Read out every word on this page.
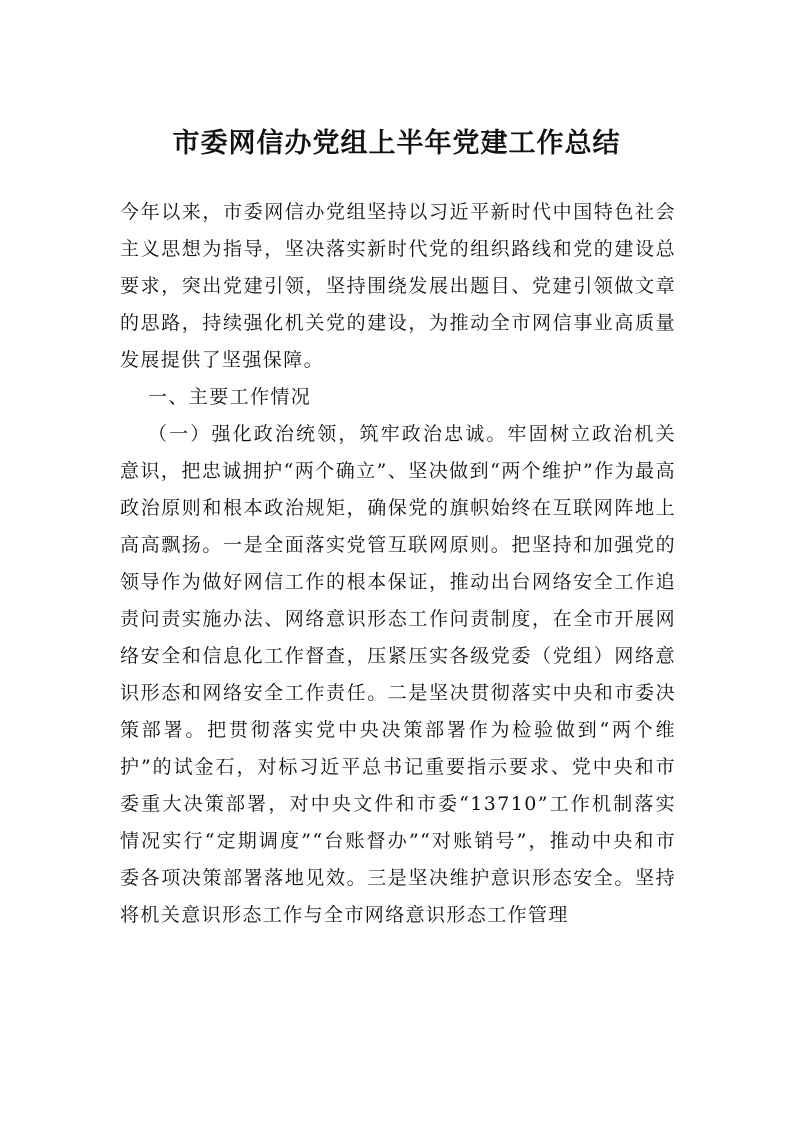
市委网信办党组上半年党建工作总结

今年以来，市委网信办党组坚持以习近平新时代中国特色社会主义思想为指导，坚决落实新时代党的组织路线和党的建设总要求，突出党建引领，坚持围绕发展出题目、党建引领做文章的思路，持续强化机关党的建设，为推动全市网信事业高质量发展提供了坚强保障。

一、主要工作情况

（一）强化政治统领，筑牢政治忠诚。牢固树立政治机关意识，把忠诚拥护“两个确立”、坚决做到“两个维护”作为最高政治原则和根本政治规矩，确保党的旗帜始终在互联网阵地上高高飘扬。一是全面落实党管互联网原则。把坚持和加强党的领导作为做好网信工作的根本保证，推动出台网络安全工作追责问责实施办法、网络意识形态工作问责制度，在全市开展网络安全和信息化工作督查，压紧压实各级党委（党组）网络意识形态和网络安全工作责任。二是坚决贯彻落实中央和市委决策部署。把贯彻落实党中央决策部署作为检验做到“两个维护”的试金石，对标习近平总书记重要指示要求、党中央和市委重大决策部署，对中央文件和市委“13710”工作机制落实情况实行“定期调度”“台账督办”“对账销号”，推动中央和市委各项决策部署落地见效。三是坚决维护意识形态安全。坚持将机关意识形态工作与全市网络意识形态工作管理
